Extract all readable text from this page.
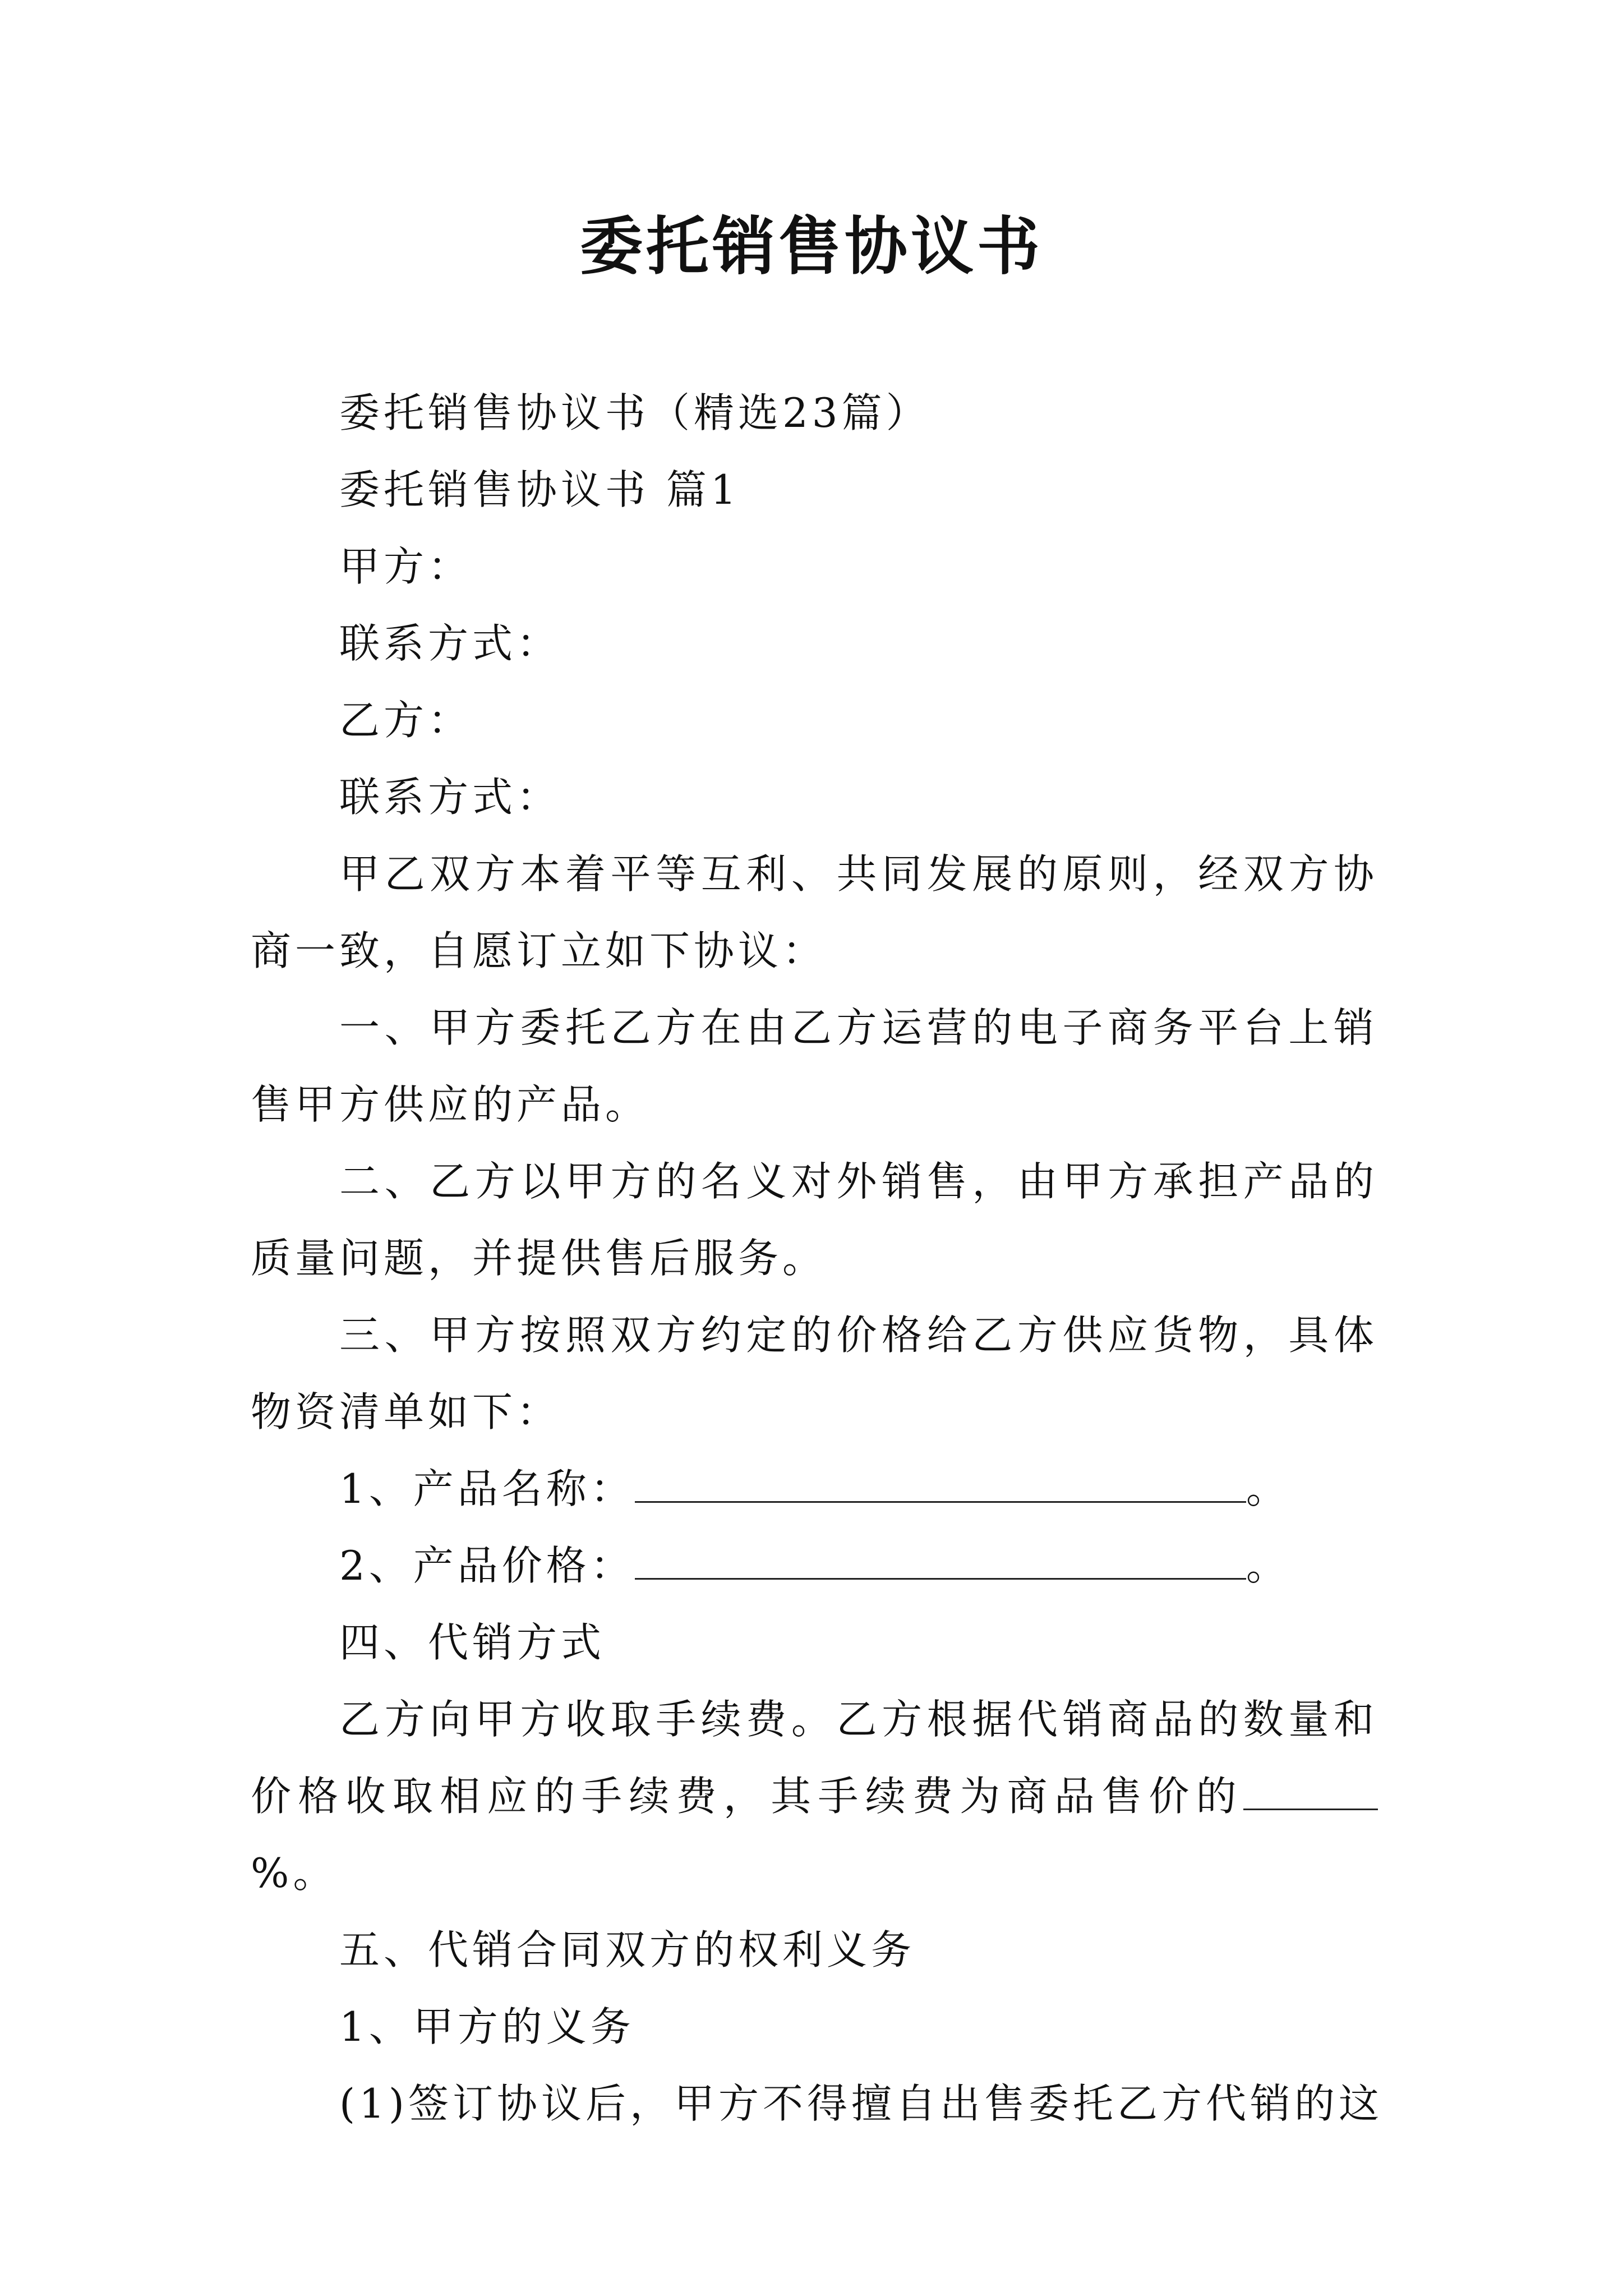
委托销售协议书

委托销售协议书（精选23篇）

委托销售协议书 篇1

甲方：

联系方式：

乙方：

联系方式：

甲乙双方本着平等互利、共同发展的原则，经双方协商一致，自愿订立如下协议：

一、甲方委托乙方在由乙方运营的电子商务平台上销售甲方供应的产品。

二、乙方以甲方的名义对外销售，由甲方承担产品的质量问题，并提供售后服务。

三、甲方按照双方约定的价格给乙方供应货物，具体物资清单如下：

1、产品名称：	。

2、产品价格：	。

四、代销方式

乙方向甲方收取手续费。乙方根据代销商品的数量和价格收取相应的手续费，其手续费为商品售价的%。

五、代销合同双方的权利义务

1、甲方的义务

(1)签订协议后，甲方不得擅自出售委托乙方代销的这
